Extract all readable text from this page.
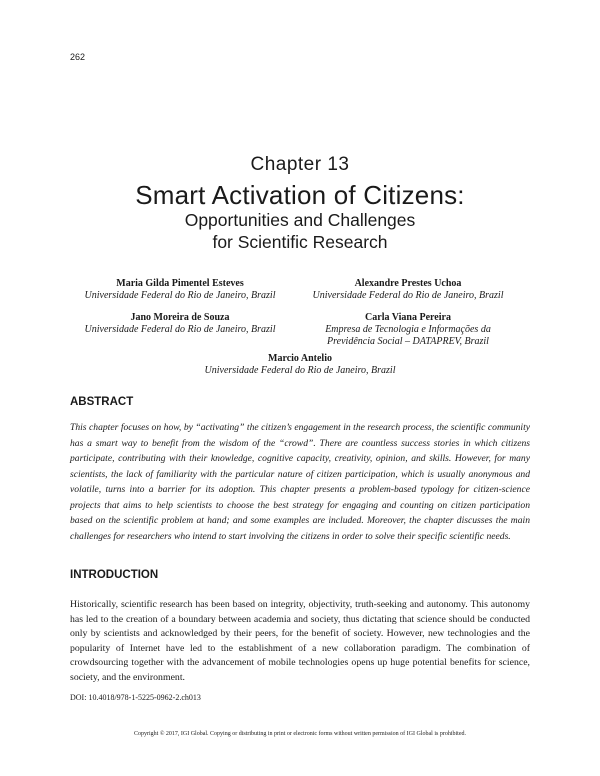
262
Chapter 13
Smart Activation of Citizens:
Opportunities and Challenges
for Scientific Research
Maria Gilda Pimentel Esteves
Universidade Federal do Rio de Janeiro, Brazil
Alexandre Prestes Uchoa
Universidade Federal do Rio de Janeiro, Brazil
Jano Moreira de Souza
Universidade Federal do Rio de Janeiro, Brazil
Carla Viana Pereira
Empresa de Tecnologia e Informações da
Previdência Social – DATAPREV, Brazil
Marcio Antelio
Universidade Federal do Rio de Janeiro, Brazil
ABSTRACT
This chapter focuses on how, by “activating” the citizen’s engagement in the research process, the scientific community has a smart way to benefit from the wisdom of the “crowd”. There are countless success stories in which citizens participate, contributing with their knowledge, cognitive capacity, creativity, opinion, and skills. However, for many scientists, the lack of familiarity with the particular nature of citizen participation, which is usually anonymous and volatile, turns into a barrier for its adoption. This chapter presents a problem-based typology for citizen-science projects that aims to help scientists to choose the best strategy for engaging and counting on citizen participation based on the scientific problem at hand; and some examples are included. Moreover, the chapter discusses the main challenges for researchers who intend to start involving the citizens in order to solve their specific scientific needs.
INTRODUCTION
Historically, scientific research has been based on integrity, objectivity, truth-seeking and autonomy. This autonomy has led to the creation of a boundary between academia and society, thus dictating that science should be conducted only by scientists and acknowledged by their peers, for the benefit of society. However, new technologies and the popularity of Internet have led to the establishment of a new collaboration paradigm. The combination of crowdsourcing together with the advancement of mobile technologies opens up huge potential benefits for science, society, and the environment.
DOI: 10.4018/978-1-5225-0962-2.ch013
Copyright © 2017, IGI Global. Copying or distributing in print or electronic forms without written permission of IGI Global is prohibited.
